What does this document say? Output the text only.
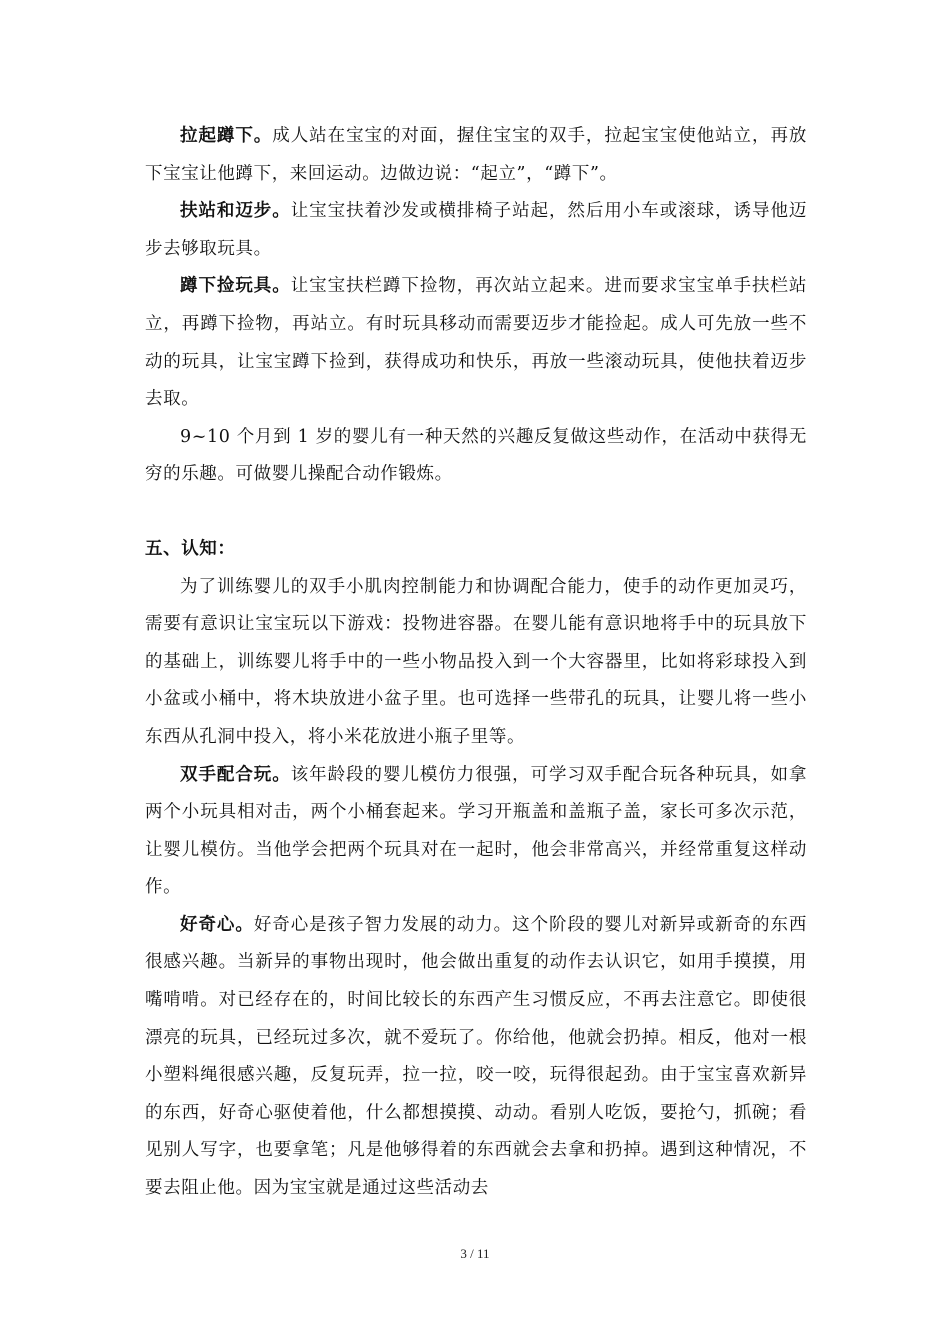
拉起蹲下。成人站在宝宝的对面，握住宝宝的双手，拉起宝宝使他站立，再放下宝宝让他蹲下，来回运动。边做边说：“起立”，“蹲下”。

扶站和迈步。让宝宝扶着沙发或横排椅子站起，然后用小车或滚球，诱导他迈步去够取玩具。

蹲下捡玩具。让宝宝扶栏蹲下捡物，再次站立起来。进而要求宝宝单手扶栏站立，再蹲下捡物，再站立。有时玩具移动而需要迈步才能捡起。成人可先放一些不动的玩具，让宝宝蹲下捡到，获得成功和快乐，再放一些滚动玩具，使他扶着迈步去取。

9~10 个月到 1 岁的婴儿有一种天然的兴趣反复做这些动作，在活动中获得无穷的乐趣。可做婴儿操配合动作锻炼。

五、认知：

为了训练婴儿的双手小肌肉控制能力和协调配合能力，使手的动作更加灵巧，需要有意识让宝宝玩以下游戏：投物进容器。在婴儿能有意识地将手中的玩具放下的基础上，训练婴儿将手中的一些小物品投入到一个大容器里，比如将彩球投入到小盆或小桶中，将木块放进小盆子里。也可选择一些带孔的玩具，让婴儿将一些小东西从孔洞中投入，将小米花放进小瓶子里等。

双手配合玩。该年龄段的婴儿模仿力很强，可学习双手配合玩各种玩具，如拿两个小玩具相对击，两个小桶套起来。学习开瓶盖和盖瓶子盖，家长可多次示范，让婴儿模仿。当他学会把两个玩具对在一起时，他会非常高兴，并经常重复这样动作。

好奇心。好奇心是孩子智力发展的动力。这个阶段的婴儿对新异或新奇的东西很感兴趣。当新异的事物出现时，他会做出重复的动作去认识它，如用手摸摸，用嘴啃啃。对已经存在的，时间比较长的东西产生习惯反应，不再去注意它。即使很漂亮的玩具，已经玩过多次，就不爱玩了。你给他，他就会扔掉。相反，他对一根小塑料绳很感兴趣，反复玩弄，拉一拉，咬一咬，玩得很起劲。由于宝宝喜欢新异的东西，好奇心驱使着他，什么都想摸摸、动动。看别人吃饭，要抢勺，抓碗；看见别人写字，也要拿笔；凡是他够得着的东西就会去拿和扔掉。遇到这种情况，不要去阻止他。因为宝宝就是通过这些活动去

3 / 11
